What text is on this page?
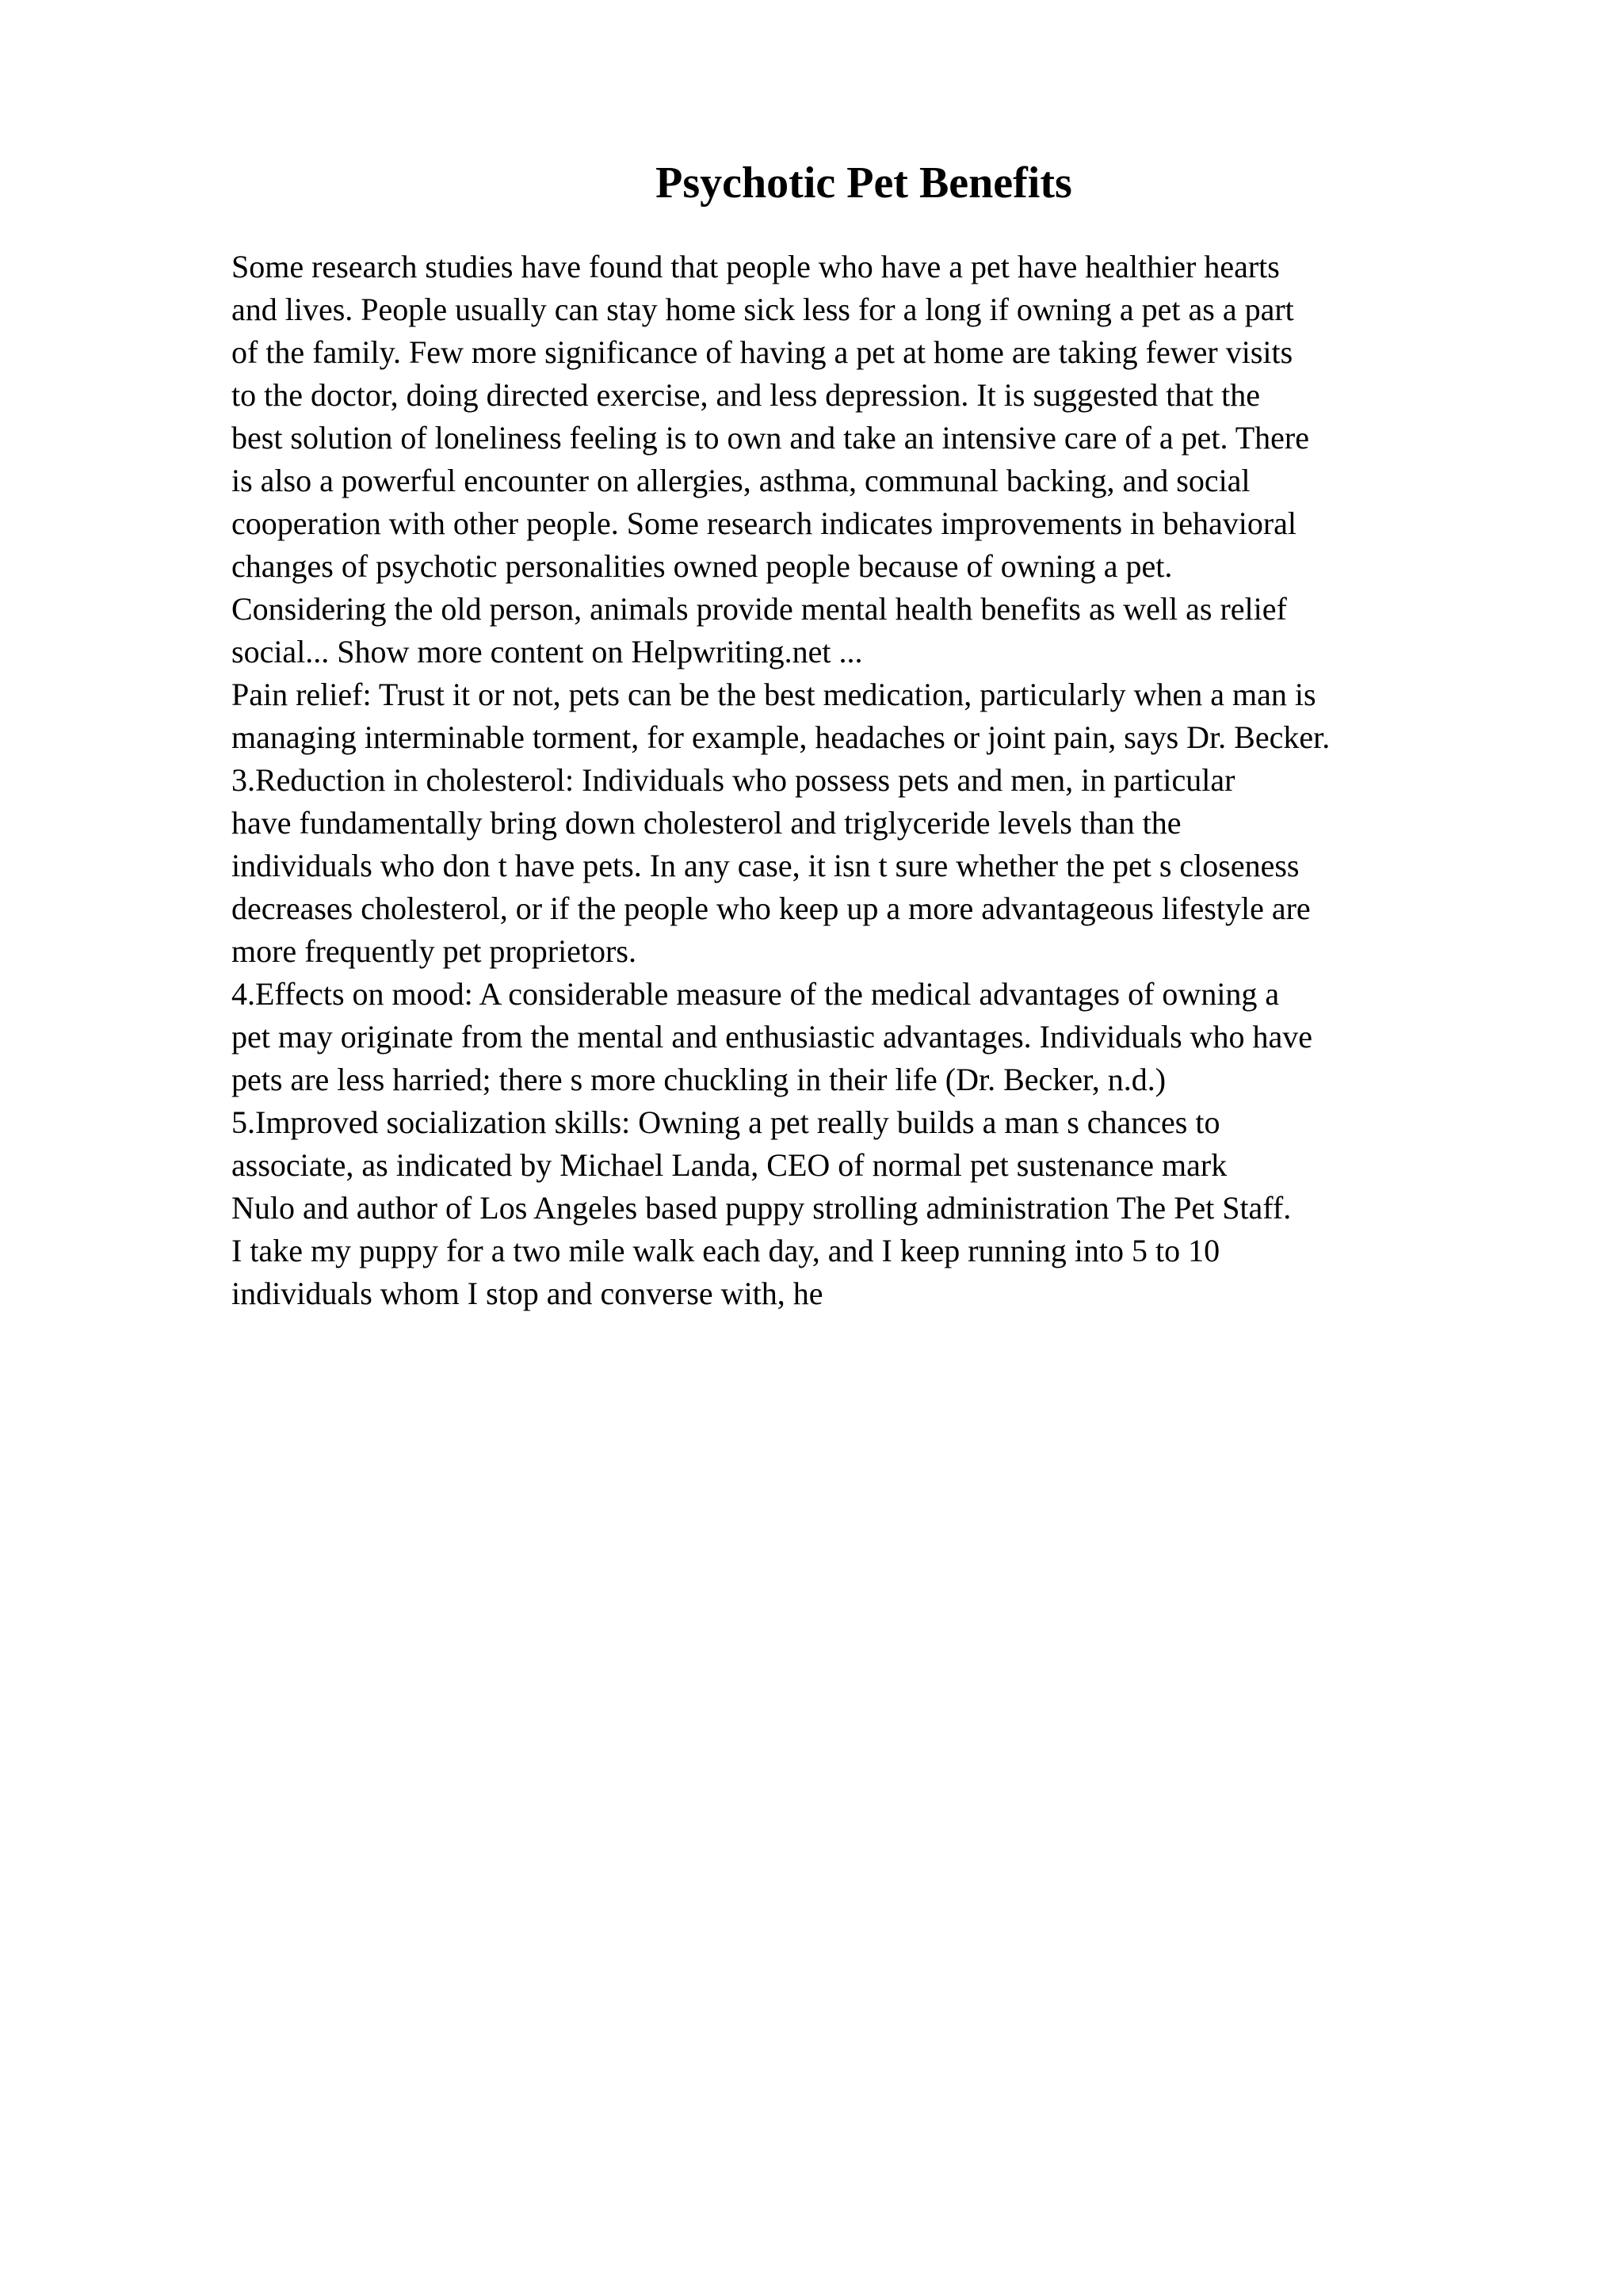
Psychotic Pet Benefits
Some research studies have found that people who have a pet have healthier hearts
and lives. People usually can stay home sick less for a long if owning a pet as a part
of the family. Few more significance of having a pet at home are taking fewer visits
to the doctor, doing directed exercise, and less depression. It is suggested that the
best solution of loneliness feeling is to own and take an intensive care of a pet. There
is also a powerful encounter on allergies, asthma, communal backing, and social
cooperation with other people. Some research indicates improvements in behavioral
changes of psychotic personalities owned people because of owning a pet.
Considering the old person, animals provide mental health benefits as well as relief
social... Show more content on Helpwriting.net ...
Pain relief: Trust it or not, pets can be the best medication, particularly when a man is
managing interminable torment, for example, headaches or joint pain, says Dr. Becker.
3.Reduction in cholesterol: Individuals who possess pets and men, in particular
have fundamentally bring down cholesterol and triglyceride levels than the
individuals who don t have pets. In any case, it isn t sure whether the pet s closeness
decreases cholesterol, or if the people who keep up a more advantageous lifestyle are
more frequently pet proprietors.
4.Effects on mood: A considerable measure of the medical advantages of owning a
pet may originate from the mental and enthusiastic advantages. Individuals who have
pets are less harried; there s more chuckling in their life (Dr. Becker, n.d.)
5.Improved socialization skills: Owning a pet really builds a man s chances to
associate, as indicated by Michael Landa, CEO of normal pet sustenance mark
Nulo and author of Los Angeles based puppy strolling administration The Pet Staff.
I take my puppy for a two mile walk each day, and I keep running into 5 to 10
individuals whom I stop and converse with, he
